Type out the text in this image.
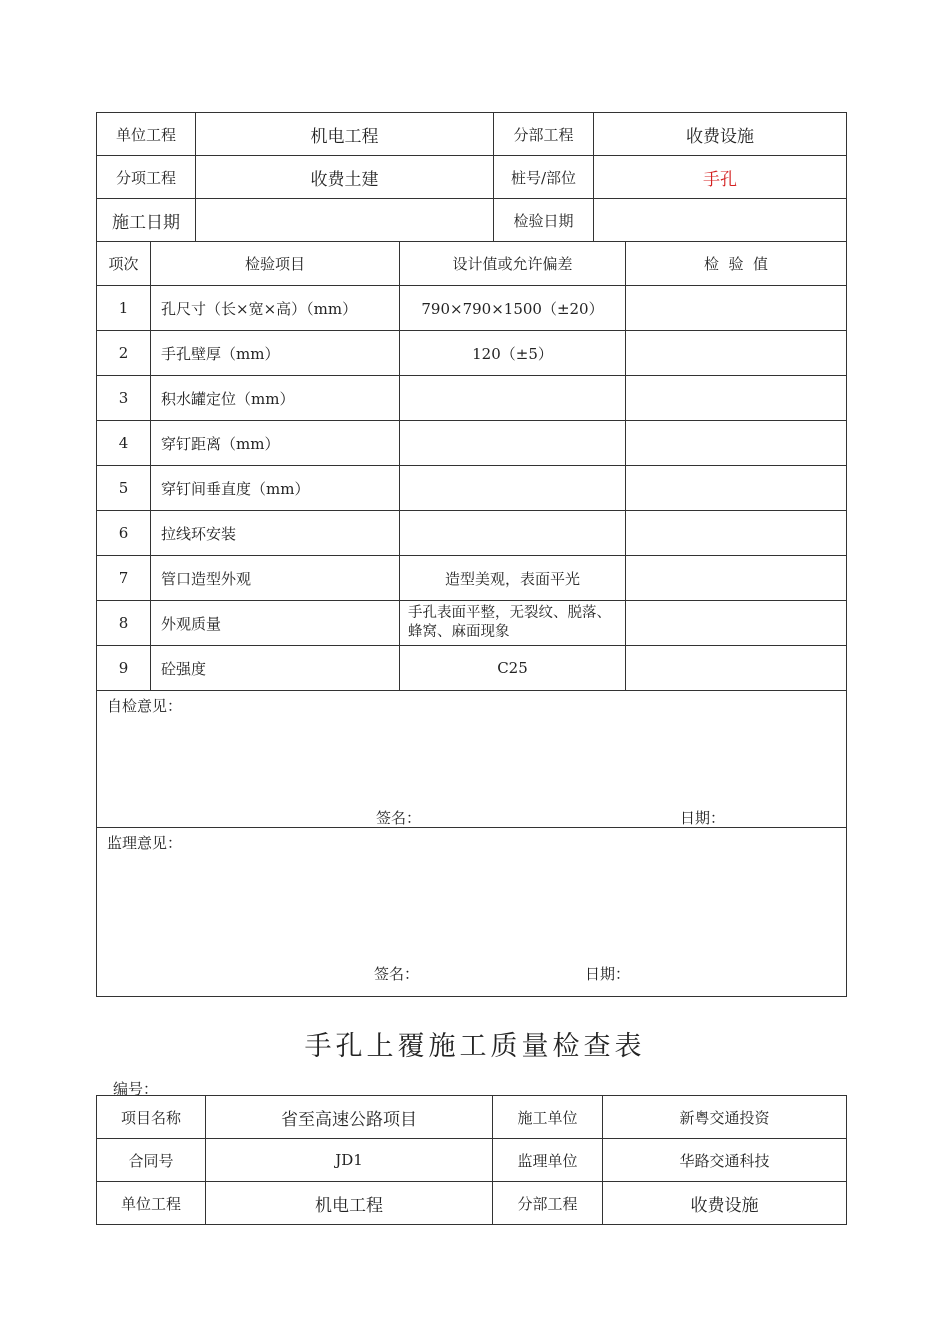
单位工程	机电工程	分部工程	收费设施
分项工程	收费土建	桩号/部位	手孔
施工日期		检验日期	
项次	检验项目	设计值或允许偏差	检  验  值
1	孔尺寸（长×宽×高）（mm）	790×790×1500（±20）	
2	手孔壁厚（mm）	120（±5）	
3	积水罐定位（mm）		
4	穿钉距离（mm）		
5	穿钉间垂直度（mm）		
6	拉线环安装		
7	管口造型外观	造型美观，表面平光	
8	外观质量	手孔表面平整，无裂纹、脱落、蜂窝、麻面现象	
9	砼强度	C25	

自检意见：
签名： 日期：			

监理意见：
签名： 日期：			
手孔上覆施工质量检查表
编号：
项目名称	省至高速公路项目	施工单位	新粤交通投资
合同号	JD1	监理单位	华路交通科技
单位工程	机电工程	分部工程	收费设施
